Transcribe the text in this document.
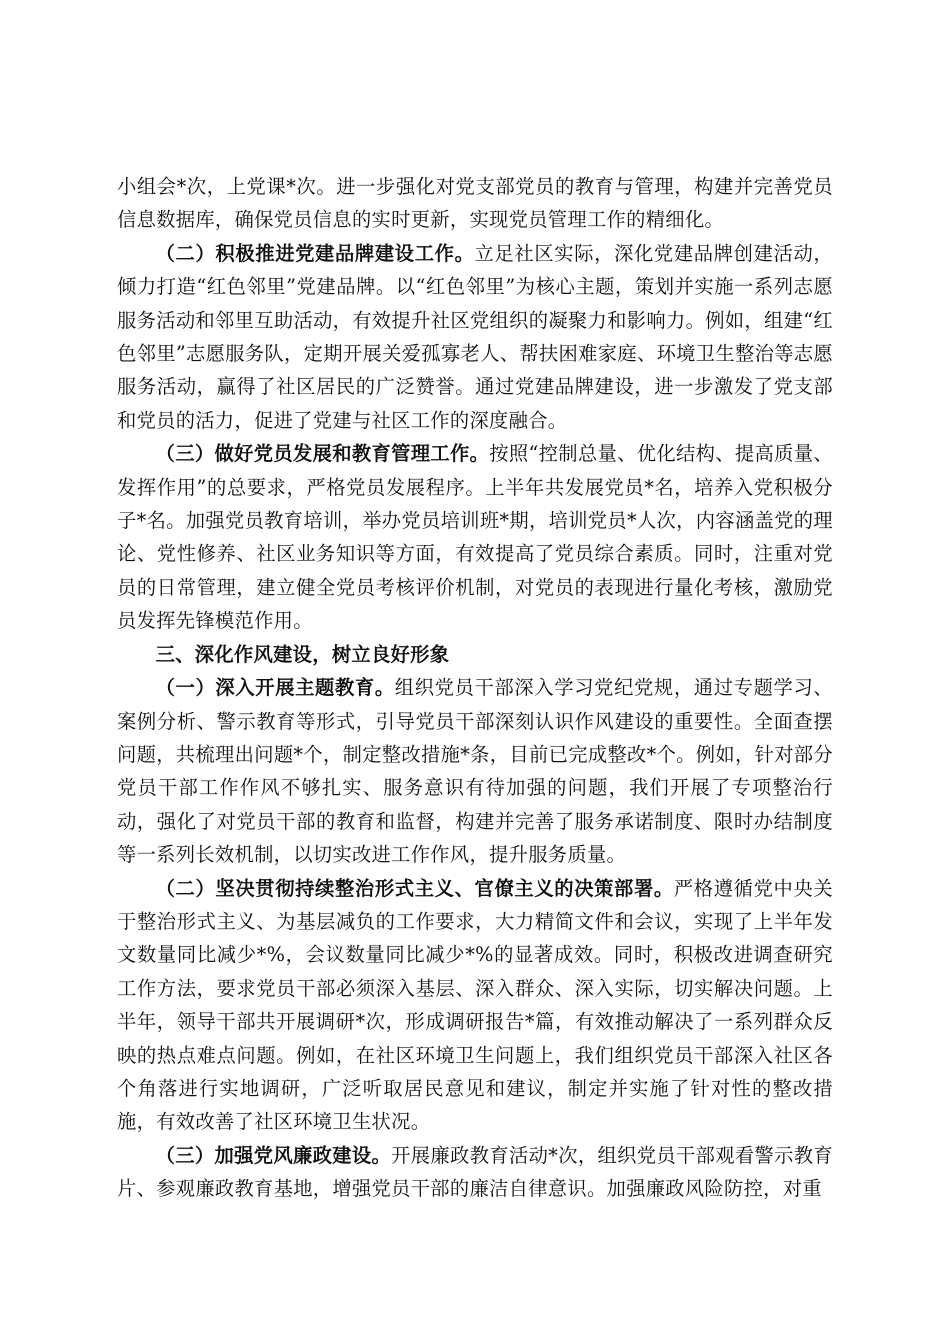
小组会*次，上党课*次。进一步强化对党支部党员的教育与管理，构建并完善党员信息数据库，确保党员信息的实时更新，实现党员管理工作的精细化。

（二）积极推进党建品牌建设工作。立足社区实际，深化党建品牌创建活动，倾力打造“红色邻里”党建品牌。以“红色邻里”为核心主题，策划并实施一系列志愿服务活动和邻里互助活动，有效提升社区党组织的凝聚力和影响力。例如，组建“红色邻里”志愿服务队，定期开展关爱孤寡老人、帮扶困难家庭、环境卫生整治等志愿服务活动，赢得了社区居民的广泛赞誉。通过党建品牌建设，进一步激发了党支部和党员的活力，促进了党建与社区工作的深度融合。

（三）做好党员发展和教育管理工作。按照“控制总量、优化结构、提高质量、发挥作用”的总要求，严格党员发展程序。上半年共发展党员*名，培养入党积极分子*名。加强党员教育培训，举办党员培训班*期，培训党员*人次，内容涵盖党的理论、党性修养、社区业务知识等方面，有效提高了党员综合素质。同时，注重对党员的日常管理，建立健全党员考核评价机制，对党员的表现进行量化考核，激励党员发挥先锋模范作用。

三、深化作风建设，树立良好形象

（一）深入开展主题教育。组织党员干部深入学习党纪党规，通过专题学习、案例分析、警示教育等形式，引导党员干部深刻认识作风建设的重要性。全面查摆问题，共梳理出问题*个，制定整改措施*条，目前已完成整改*个。例如，针对部分党员干部工作作风不够扎实、服务意识有待加强的问题，我们开展了专项整治行动，强化了对党员干部的教育和监督，构建并完善了服务承诺制度、限时办结制度等一系列长效机制，以切实改进工作作风，提升服务质量。

（二）坚决贯彻持续整治形式主义、官僚主义的决策部署。严格遵循党中央关于整治形式主义、为基层减负的工作要求，大力精简文件和会议，实现了上半年发文数量同比减少*%，会议数量同比减少*%的显著成效。同时，积极改进调查研究工作方法，要求党员干部必须深入基层、深入群众、深入实际，切实解决问题。上半年，领导干部共开展调研*次，形成调研报告*篇，有效推动解决了一系列群众反映的热点难点问题。例如，在社区环境卫生问题上，我们组织党员干部深入社区各个角落进行实地调研，广泛听取居民意见和建议，制定并实施了针对性的整改措施，有效改善了社区环境卫生状况。

（三）加强党风廉政建设。开展廉政教育活动*次，组织党员干部观看警示教育片、参观廉政教育基地，增强党员干部的廉洁自律意识。加强廉政风险防控，对重
